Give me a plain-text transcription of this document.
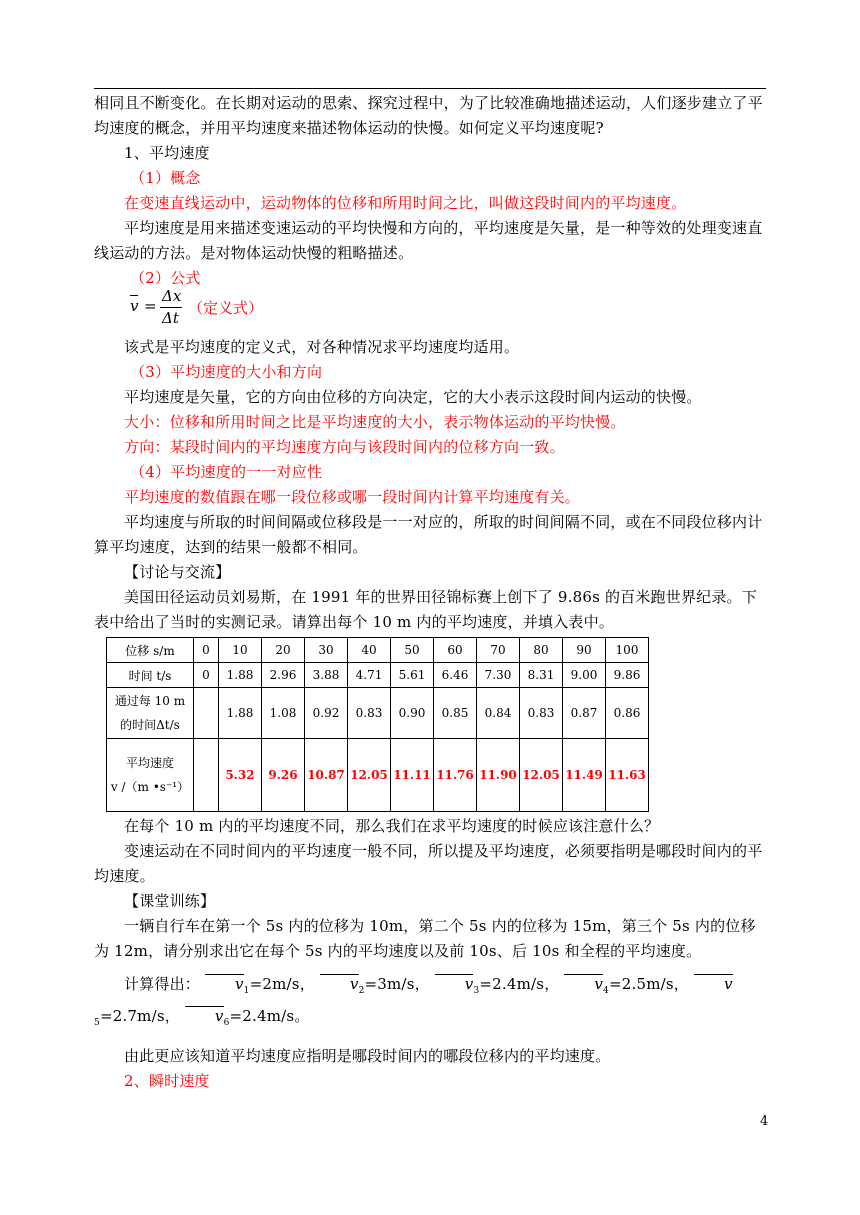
相同且不断变化。在长期对运动的思索、探究过程中，为了比较准确地描述运动，人们逐步建立了平均速度的概念，并用平均速度来描述物体运动的快慢。如何定义平均速度呢?

1、平均速度

（1）概念

在变速直线运动中，运动物体的位移和所用时间之比，叫做这段时间内的平均速度。

平均速度是用来描述变速运动的平均快慢和方向的，平均速度是矢量，是一种等效的处理变速直线运动的方法。是对物体运动快慢的粗略描述。

（2）公式

v =
Δx
Δt
（定义式）

该式是平均速度的定义式，对各种情况求平均速度均适用。

（3）平均速度的大小和方向

平均速度是矢量，它的方向由位移的方向决定，它的大小表示这段时间内运动的快慢。

大小：位移和所用时间之比是平均速度的大小，表示物体运动的平均快慢。

方向：某段时间内的平均速度方向与该段时间内的位移方向一致。

（4）平均速度的一一对应性

平均速度的数值跟在哪一段位移或哪一段时间内计算平均速度有关。

平均速度与所取的时间间隔或位移段是一一对应的，所取的时间间隔不同，或在不同段位移内计算平均速度，达到的结果一般都不相同。

【讨论与交流】

美国田径运动员刘易斯，在 1991 年的世界田径锦标赛上创下了 9.86s 的百米跑世界纪录。下表中给出了当时的实测记录。请算出每个 10 m 内的平均速度，并填入表中。

位移 s/m	0	10	20	30	40	50	60	70	80	90	100
时间 t/s	0	1.88	2.96	3.88	4.71	5.61	6.46	7.30	8.31	9.00	9.86

通过每 10 m
的时间Δt/s		1.88	1.08	0.92	0.83	0.90	0.85	0.84	0.83	0.87	0.86

平均速度
v /（m •s⁻¹）		5.32	9.26	10.87	12.05	11.11	11.76	11.90	12.05	11.49	11.63

在每个 10 m 内的平均速度不同，那么我们在求平均速度的时候应该注意什么？

变速运动在不同时间内的平均速度一般不同，所以提及平均速度，必须要指明是哪段时间内的平均速度。

【课堂训练】

一辆自行车在第一个 5s 内的位移为 10m，第二个 5s 内的位移为 15m，第三个 5s 内的位移为 12m，请分别求出它在每个 5s 内的平均速度以及前 10s、后 10s 和全程的平均速度。

计算得出： $v_1=2m/s$， $v_2=3m/s$， $v_3=2.4m/s$， $v_4=2.5m/s$， $v_5=2.7m/s$， $v_6=2.4m/s$。

由此更应该知道平均速度应指明是哪段时间内的哪段位移内的平均速度。

2、瞬时速度

4
